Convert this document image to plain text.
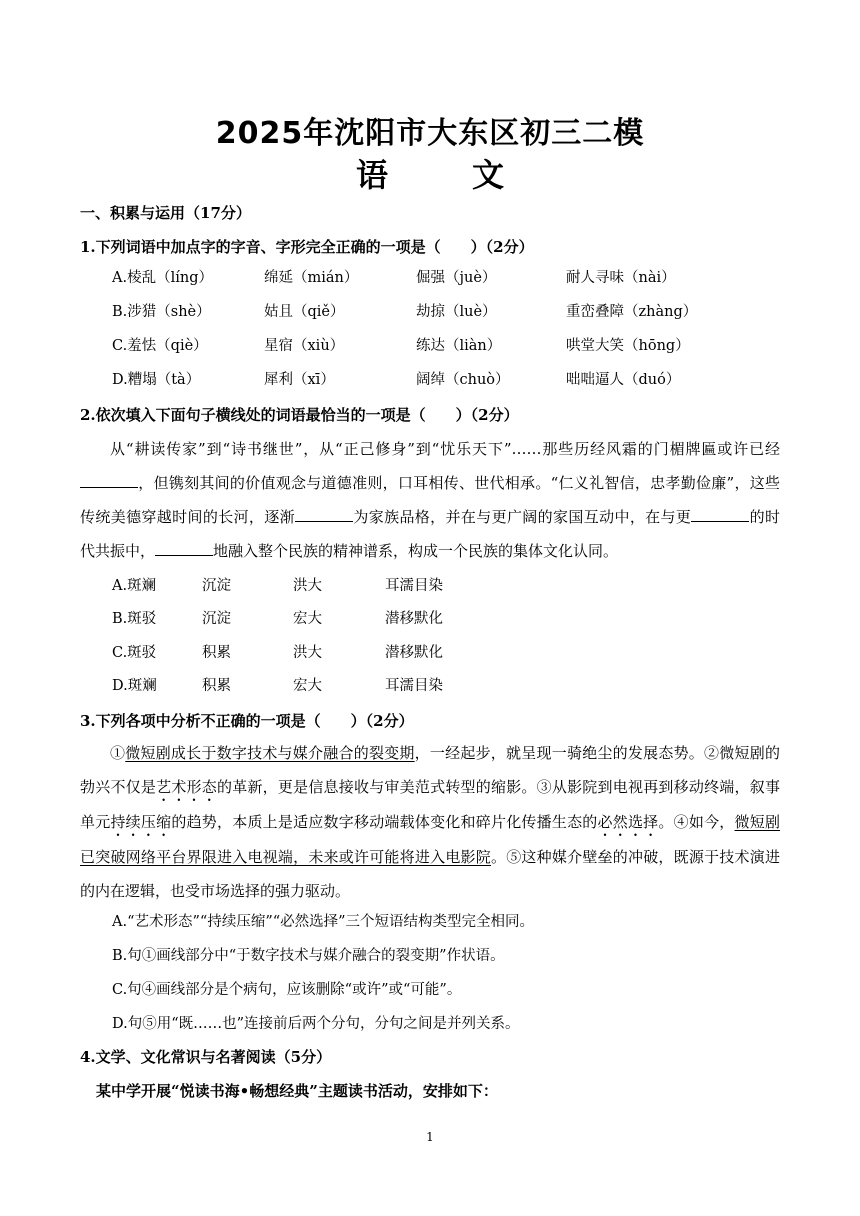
2025年沈阳市大东区初三二模
语　文
一、积累与运用（17分）
1.下列词语中加点字的字音、字形完全正确的一项是（　　）（2分）
A.棱乱（líng）	绵延（mián）	倔强（juè）	耐人寻味（nài）
B.涉猎（shè）	姑且（qiě）	劫掠（luè）	重峦叠障（zhàng）
C.羞怯（qiè）	星宿（xiù）	练达（liàn）	哄堂大笑（hōng）
D.糟塌（tà）	犀利（xī）	阔绰（chuò）	咄咄逼人（duó）
2.依次填入下面句子横线处的词语最恰当的一项是（　　）（2分）

从“耕读传家”到“诗书继世”，从“正己修身”到“忧乐天下”……那些历经风霜的门楣牌匾或许已经，但镌刻其间的价值观念与道德准则，口耳相传、世代相承。“仁义礼智信，忠孝勤俭廉”，这些传统美德穿越时间的长河，逐渐	为家族品格，并在与更广阔的家国互动中，在与更	的时代共振中，	地融入整个民族的精神谱系，构成一个民族的集体文化认同。

A.斑斓	沉淀	洪大	耳濡目染
B.斑驳	沉淀	宏大	潜移默化
C.斑驳	积累	洪大	潜移默化
D.斑斓	积累	宏大	耳濡目染
3.下列各项中分析不正确的一项是（　　）（2分）

①微短剧成长于数字技术与媒介融合的裂变期，一经起步，就呈现一骑绝尘的发展态势。②微短剧的勃兴不仅是艺术形态的革新，更是信息接收与审美范式转型的缩影。③从影院到电视再到移动终端，叙事单元持续压缩的趋势，本质上是适应数字移动端载体变化和碎片化传播生态的必然选择。④如今，微短剧已突破网络平台界限进入电视端，未来或许可能将进入电影院。⑤这种媒介壁垒的冲破，既源于技术演进的内在逻辑，也受市场选择的强力驱动。

A.“艺术形态”“持续压缩”“必然选择”三个短语结构类型完全相同。
B.句①画线部分中“于数字技术与媒介融合的裂变期”作状语。
C.句④画线部分是个病句，应该删除“或许”或“可能”。
D.句⑤用“既……也”连接前后两个分句，分句之间是并列关系。
4.文学、文化常识与名著阅读（5分）
某中学开展“悦读书海•畅想经典”主题读书活动，安排如下：
1
